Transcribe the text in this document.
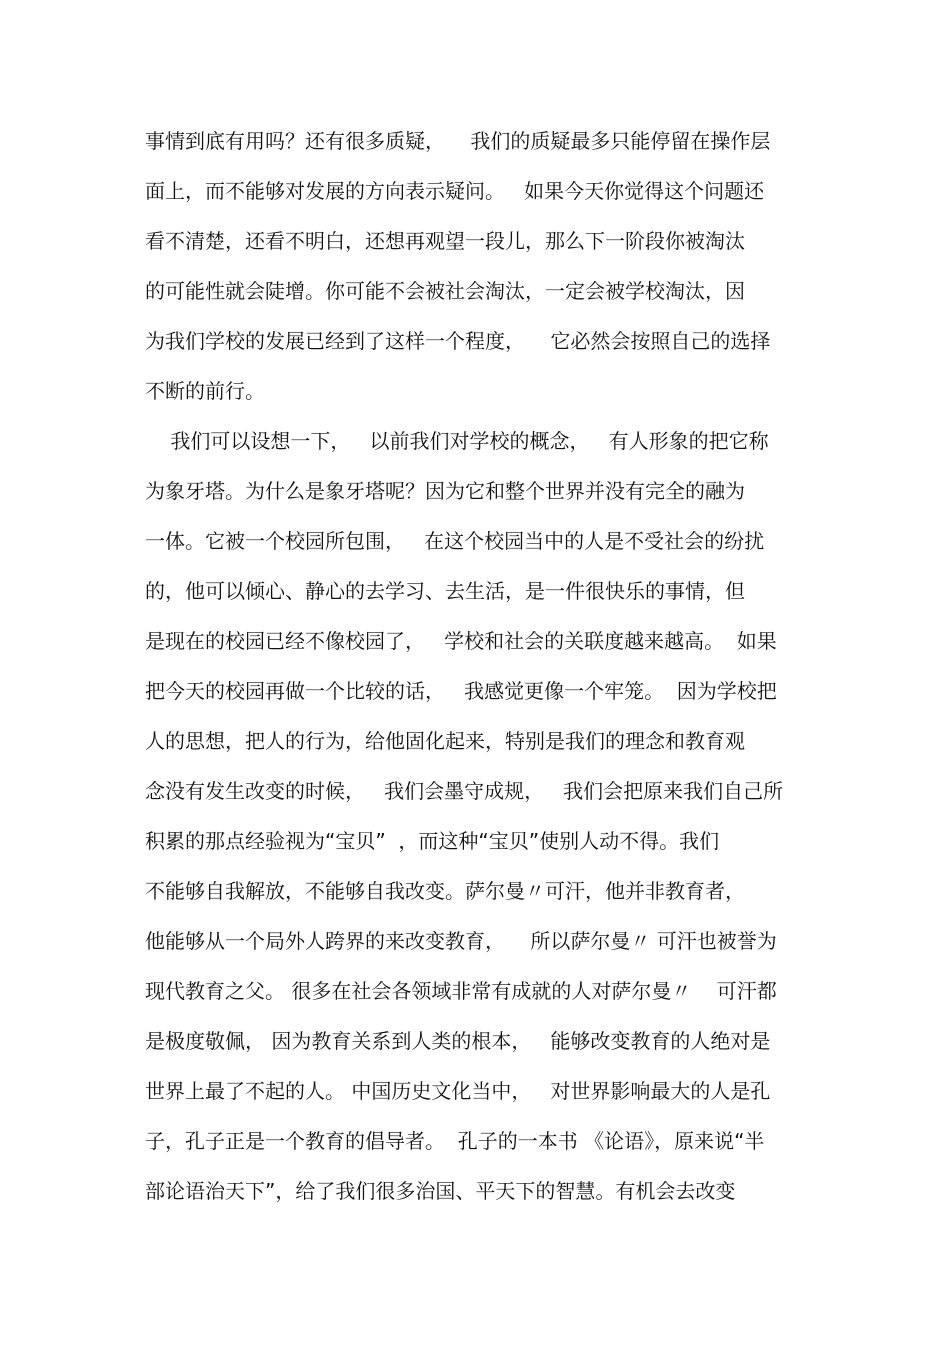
事情到底有用吗？还有很多质疑，    我们的质疑最多只能停留在操作层
面上，而不能够对发展的方向表示疑问。   如果今天你觉得这个问题还
看不清楚，还看不明白，还想再观望一段儿，那么下一阶段你被淘汰
的可能性就会陡增。你可能不会被社会淘汰，一定会被学校淘汰，因
为我们学校的发展已经到了这样一个程度，    它必然会按照自己的选择
不断的前行。
我们可以设想一下，   以前我们对学校的概念，   有人形象的把它称
为象牙塔。为什么是象牙塔呢？因为它和整个世界并没有完全的融为
一体。它被一个校园所包围，   在这个校园当中的人是不受社会的纷扰
的，他可以倾心、静心的去学习、去生活，是一件很快乐的事情，但
是现在的校园已经不像校园了，   学校和社会的关联度越来越高。  如果
把今天的校园再做一个比较的话，   我感觉更像一个牢笼。  因为学校把
人的思想，把人的行为，给他固化起来，特别是我们的理念和教育观
念没有发生改变的时候，   我们会墨守成规，   我们会把原来我们自己所
积累的那点经验视为“宝贝”  ，而这种“宝贝”使别人动不得。我们
不能够自我解放，不能够自我改变。萨尔曼〃可汗，他并非教育者，
他能够从一个局外人跨界的来改变教育，    所以萨尔曼〃 可汗也被誉为
现代教育之父。 很多在社会各领域非常有成就的人对萨尔曼〃    可汗都
是极度敬佩， 因为教育关系到人类的根本，   能够改变教育的人绝对是
世界上最了不起的人。 中国历史文化当中，   对世界影响最大的人是孔
子，孔子正是一个教育的倡导者。  孔子的一本书 《论语》，原来说“半
部论语治天下”，给了我们很多治国、平天下的智慧。有机会去改变
